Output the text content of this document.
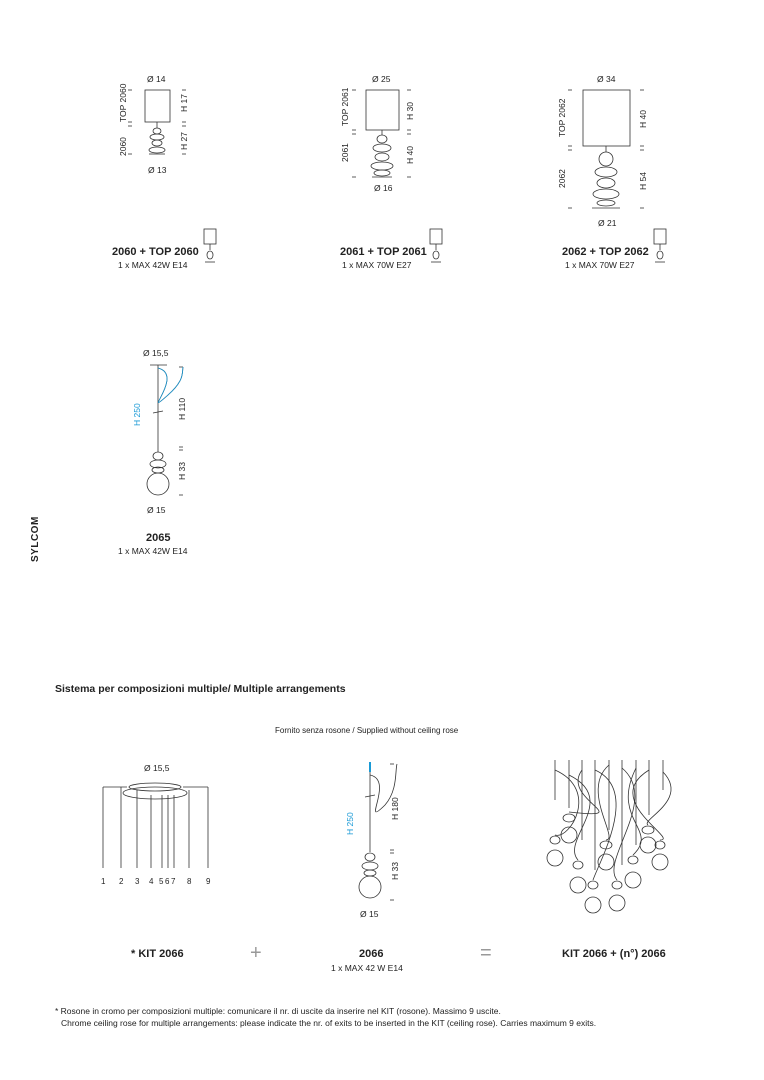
Ø 14
TOP 2060
2060
H 17
H 27
Ø 13
2060 + TOP 2060
1 x MAX 42W E14
Ø 25
TOP 2061
2061
H 30
H 40
Ø 16
2061 + TOP 2061
1 x MAX 70W E27
Ø 34
TOP 2062
2062
H 40
H 54
Ø 21
2062 + TOP 2062
1 x MAX 70W E27
Ø 15,5
H 250	H 110
H 33
Ø 15
2065
1 x MAX 42W E14
SYLCOM
Sistema per composizioni multiple/ Multiple arrangements
Fornito senza rosone / Supplied without ceiling rose
Ø 15,5
1 2 3 4 5 6 7 8 9
H 250
H 180
H 33
Ø 15
* KIT 2066	+	2066
1 x MAX 42 W E14
=	KIT 2066 + (n°) 2066
* Rosone in cromo per composizioni multiple: comunicare il nr. di uscite da inserire nel KIT (rosone). Massimo 9 uscite.
Chrome ceiling rose for multiple arrangements: please indicate the nr. of exits to be inserted in the KIT (ceiling rose). Carries maximum 9 exits.
